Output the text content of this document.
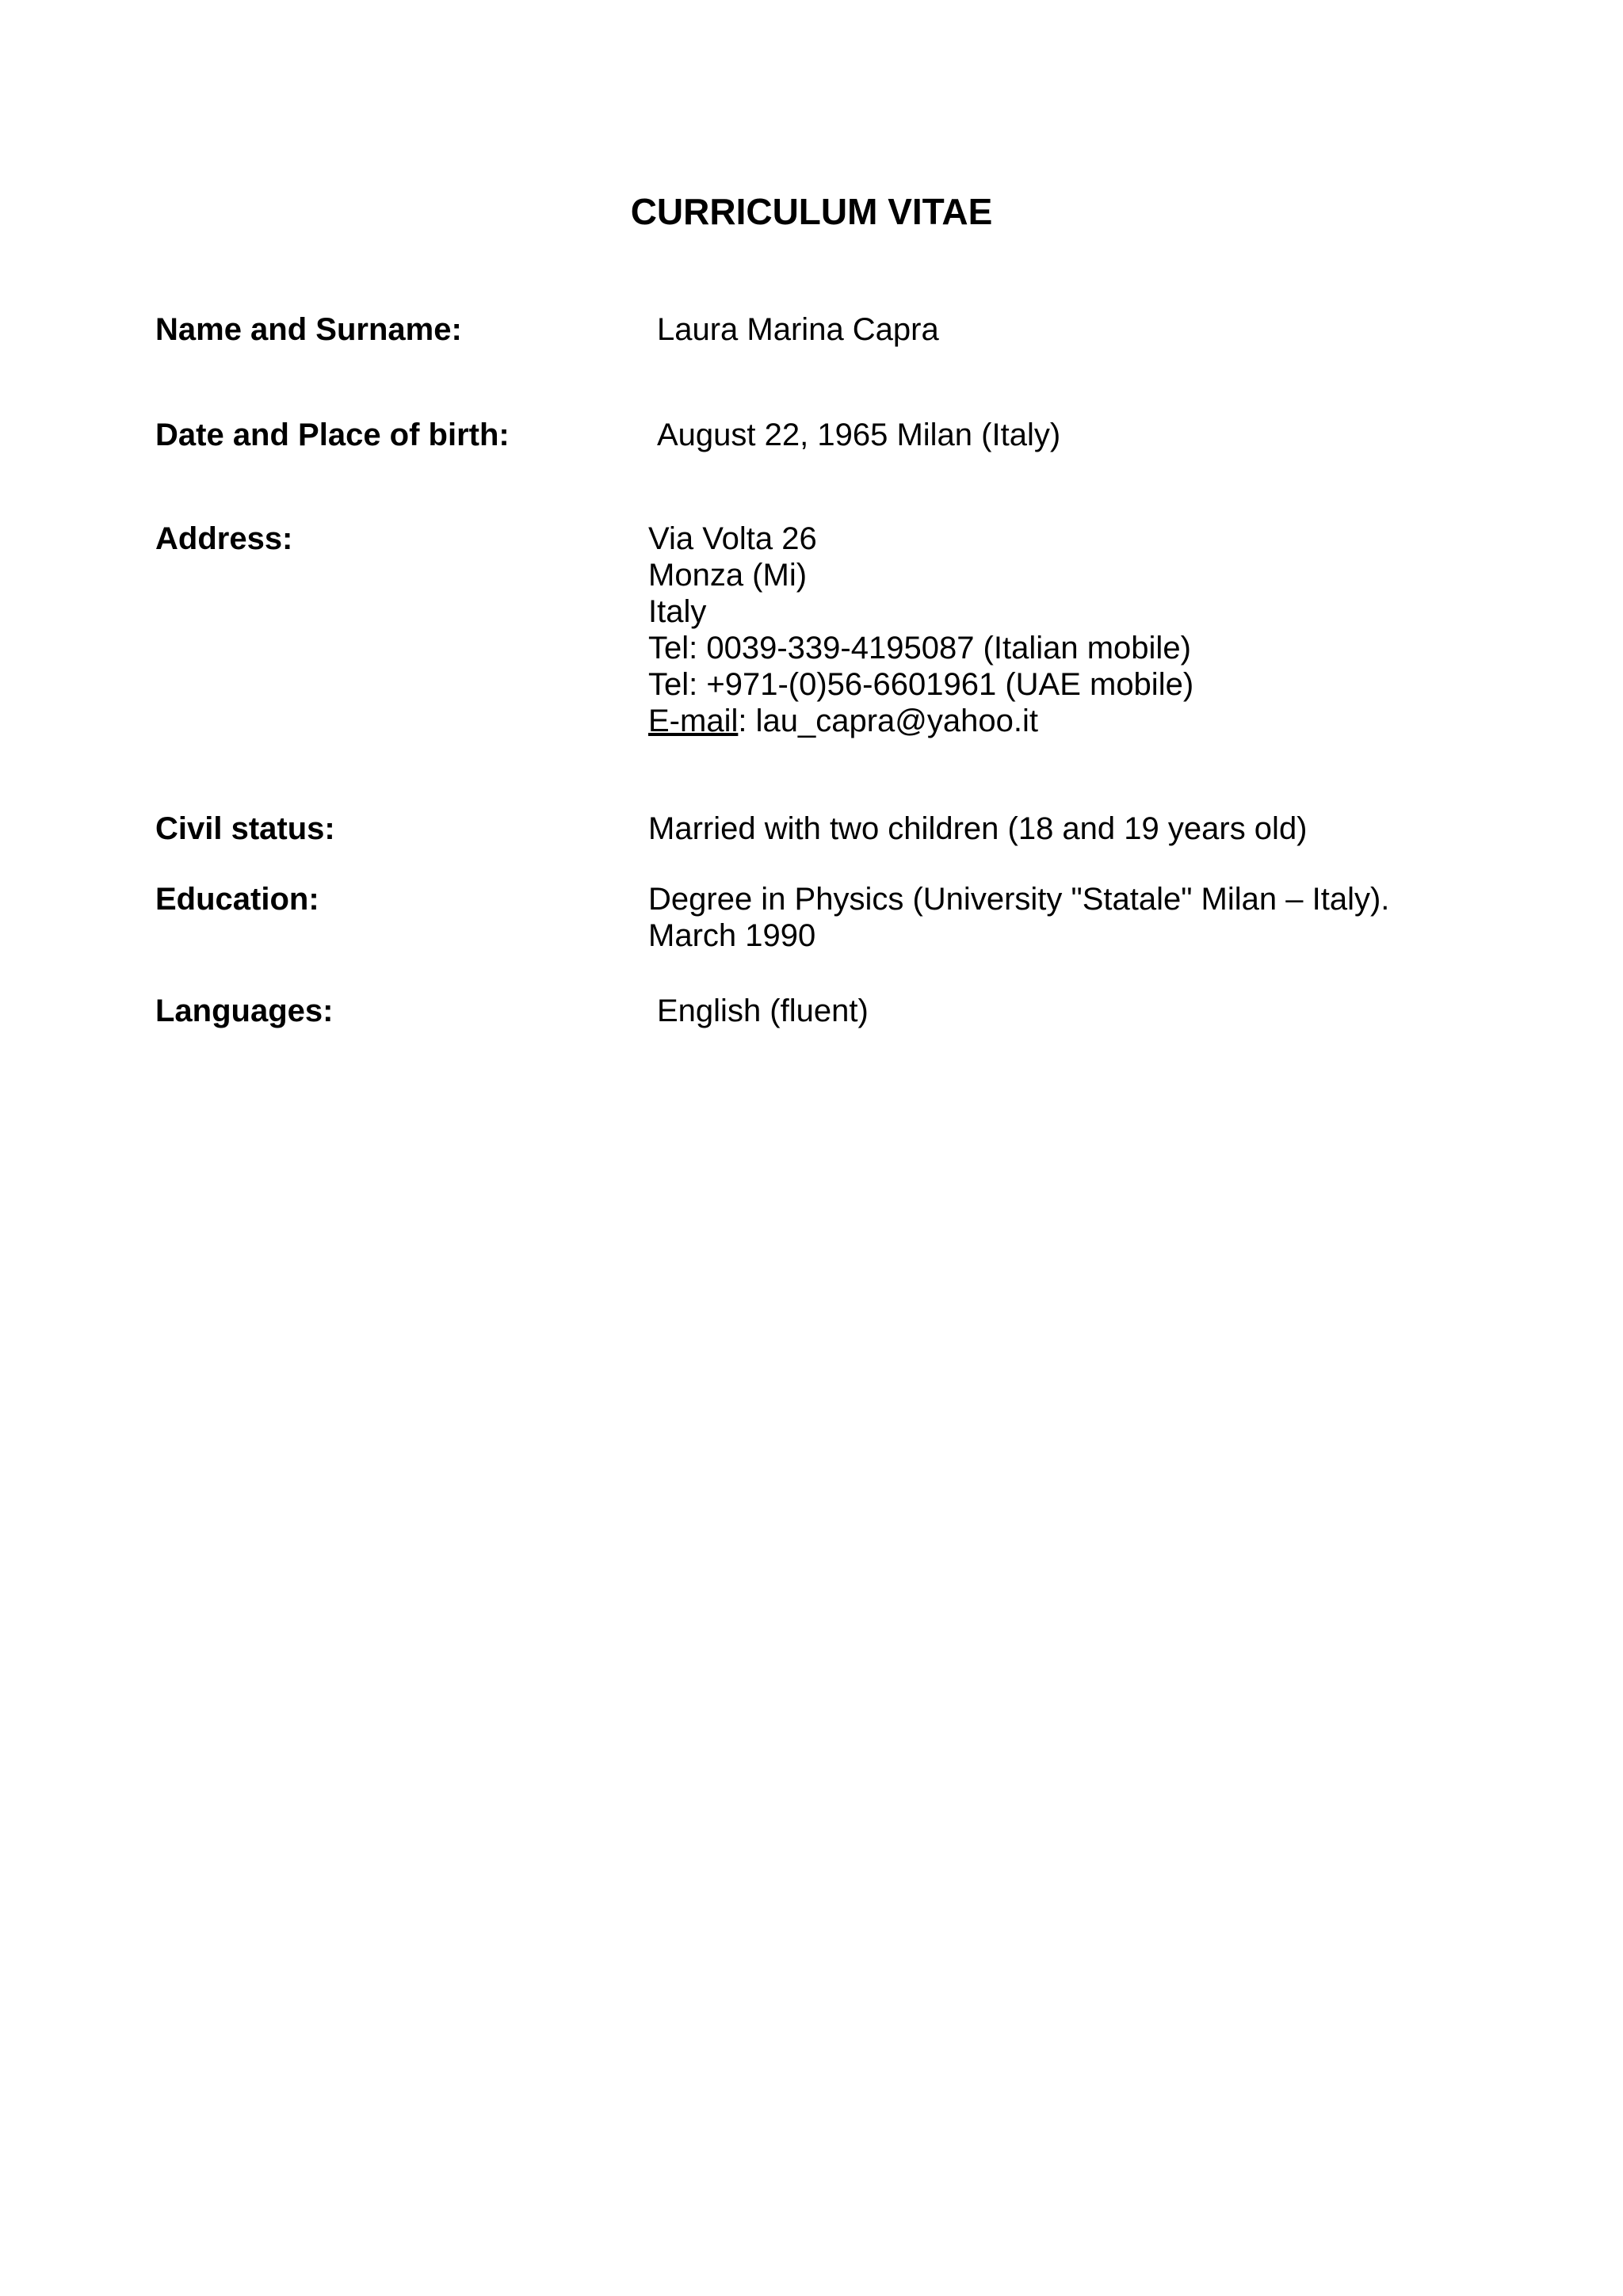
CURRICULUM VITAE
Name and Surname:	Laura Marina Capra
Date and Place of birth:	August 22, 1965 Milan (Italy)
Address:	Via Volta 26
Monza (Mi)
Italy
Tel: 0039-339-4195087 (Italian mobile)
Tel: +971-(0)56-6601961 (UAE mobile)
E-mail: lau_capra@yahoo.it
Civil status:	Married with two children (18 and 19 years old)
Education:	Degree in Physics (University "Statale" Milan – Italy).
March 1990
Languages:	English (fluent)
